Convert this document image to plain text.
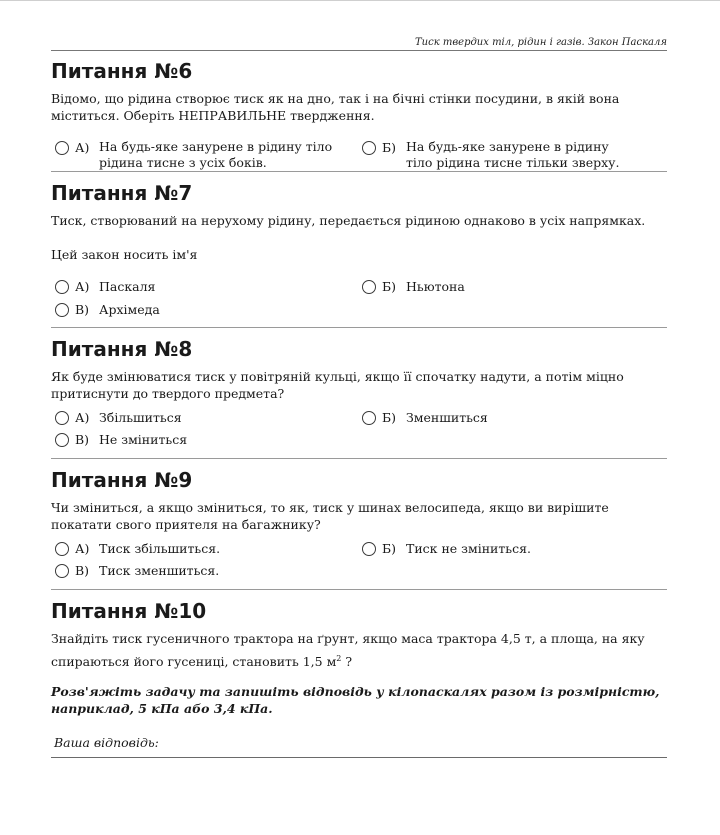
Тиск твердих тіл, рідин і газів. Закон Паскаля
Питання №6

Відомо, що рідина створює тиск як на дно, так і на бічні стінки посудини, в якій вона міститься. Оберіть НЕПРАВИЛЬНЕ твердження.

А) На будь-яке занурене в рідину тіло рідина тисне з усіх боків.
Б) На будь-яке занурене в рідину тіло рідина тисне тільки зверху.
Питання №7

Тиск, створюваний на нерухому рідину, передається рідиною однаково в усіх напрямках.

Цей закон носить ім'я

А) Паскаля	Б) Ньютона
В) Архімеда
Питання №8

Як буде змінюватися тиск у повітряній кульці, якщо її спочатку надути, а потім міцно притиснути до твердого предмета?

А) Збільшиться	Б) Зменшиться
В) Не зміниться
Питання №9

Чи зміниться, а якщо зміниться, то як, тиск у шинах велосипеда, якщо ви вирішите покатати свого приятеля на багажнику?

А) Тиск збільшиться.	Б) Тиск не зміниться.
В) Тиск зменшиться.
Питання №10

Знайдіть тиск гусеничного трактора на ґрунт, якщо маса трактора 4,5 т, а площа, на яку спираються його гусениці, становить 1,5 $м^2$ ?

Розв'яжіть задачу та запишіть відповідь у кілопаскалях разом із розмірністю, наприклад, 5 кПа або 3,4 кПа.

Ваша відповідь:
